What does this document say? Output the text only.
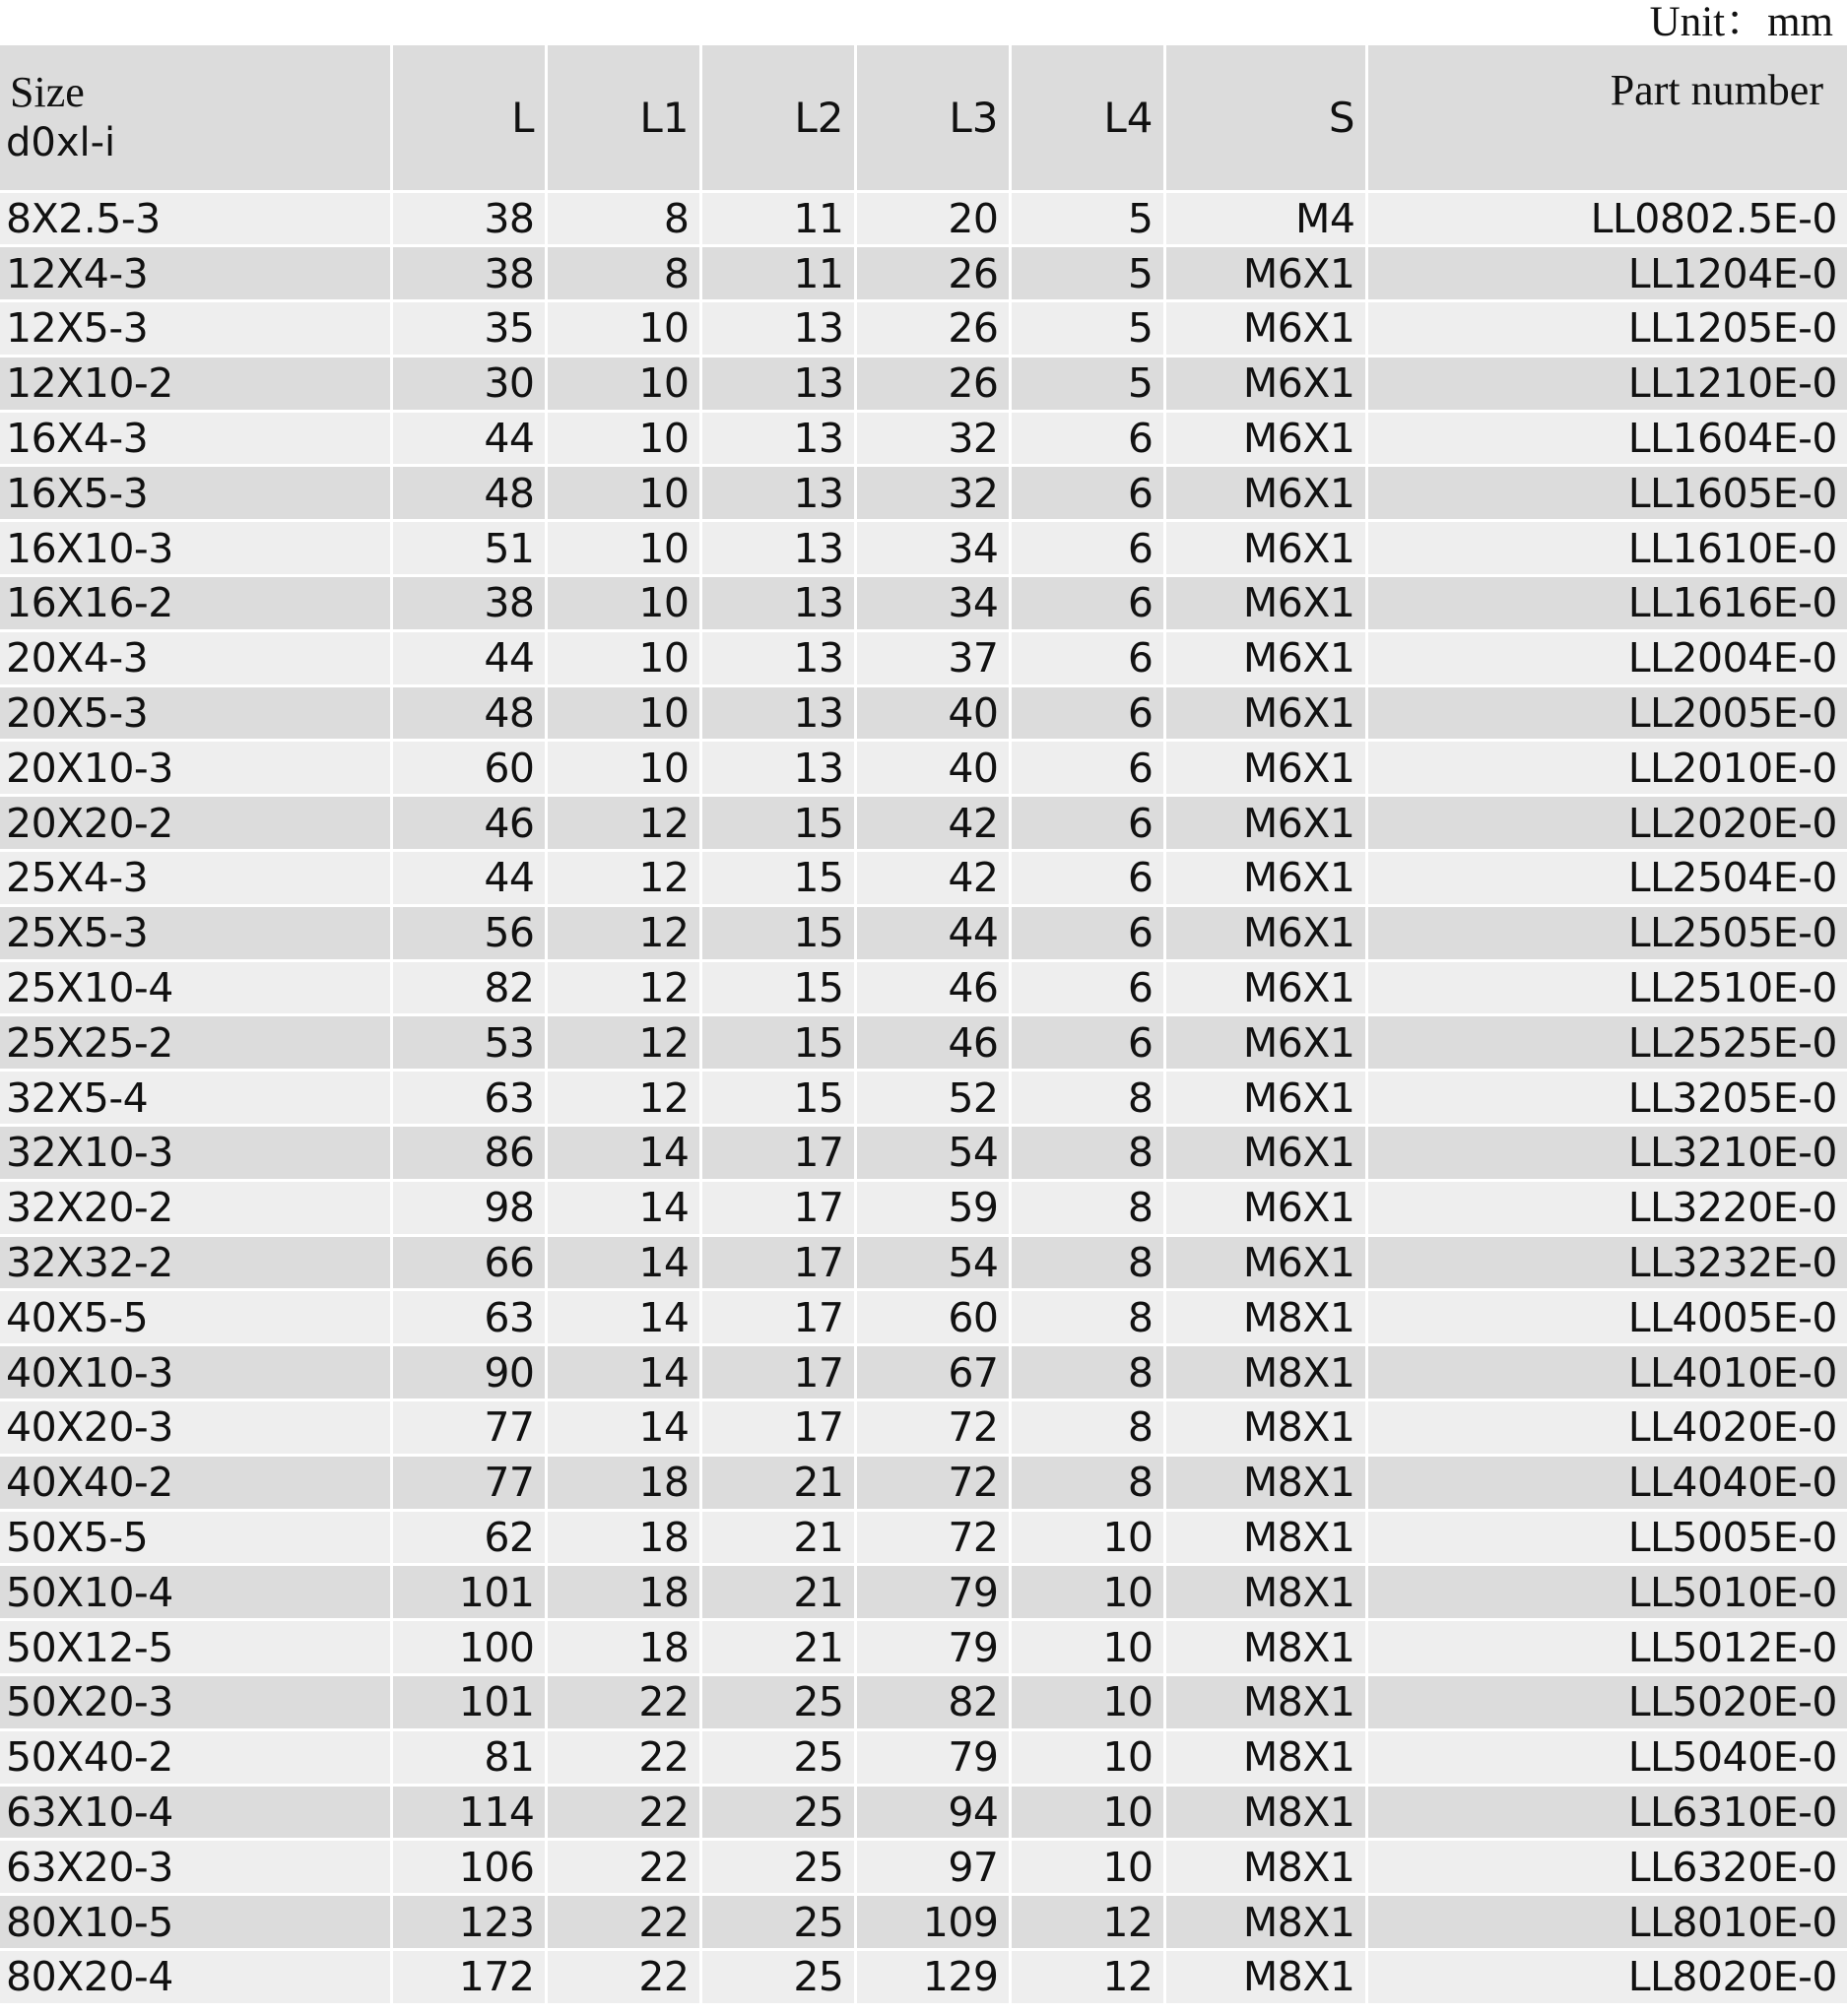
Unit：mm
Size
d0xl-i	L	L1	L2	L3	L4	S	Part number
8X2.5-3	38	8	11	20	5	M4	LL0802.5E-0
12X4-3	38	8	11	26	5	M6X1	LL1204E-0
12X5-3	35	10	13	26	5	M6X1	LL1205E-0
12X10-2	30	10	13	26	5	M6X1	LL1210E-0
16X4-3	44	10	13	32	6	M6X1	LL1604E-0
16X5-3	48	10	13	32	6	M6X1	LL1605E-0
16X10-3	51	10	13	34	6	M6X1	LL1610E-0
16X16-2	38	10	13	34	6	M6X1	LL1616E-0
20X4-3	44	10	13	37	6	M6X1	LL2004E-0
20X5-3	48	10	13	40	6	M6X1	LL2005E-0
20X10-3	60	10	13	40	6	M6X1	LL2010E-0
20X20-2	46	12	15	42	6	M6X1	LL2020E-0
25X4-3	44	12	15	42	6	M6X1	LL2504E-0
25X5-3	56	12	15	44	6	M6X1	LL2505E-0
25X10-4	82	12	15	46	6	M6X1	LL2510E-0
25X25-2	53	12	15	46	6	M6X1	LL2525E-0
32X5-4	63	12	15	52	8	M6X1	LL3205E-0
32X10-3	86	14	17	54	8	M6X1	LL3210E-0
32X20-2	98	14	17	59	8	M6X1	LL3220E-0
32X32-2	66	14	17	54	8	M6X1	LL3232E-0
40X5-5	63	14	17	60	8	M8X1	LL4005E-0
40X10-3	90	14	17	67	8	M8X1	LL4010E-0
40X20-3	77	14	17	72	8	M8X1	LL4020E-0
40X40-2	77	18	21	72	8	M8X1	LL4040E-0
50X5-5	62	18	21	72	10	M8X1	LL5005E-0
50X10-4	101	18	21	79	10	M8X1	LL5010E-0
50X12-5	100	18	21	79	10	M8X1	LL5012E-0
50X20-3	101	22	25	82	10	M8X1	LL5020E-0
50X40-2	81	22	25	79	10	M8X1	LL5040E-0
63X10-4	114	22	25	94	10	M8X1	LL6310E-0
63X20-3	106	22	25	97	10	M8X1	LL6320E-0
80X10-5	123	22	25	109	12	M8X1	LL8010E-0
80X20-4	172	22	25	129	12	M8X1	LL8020E-0
